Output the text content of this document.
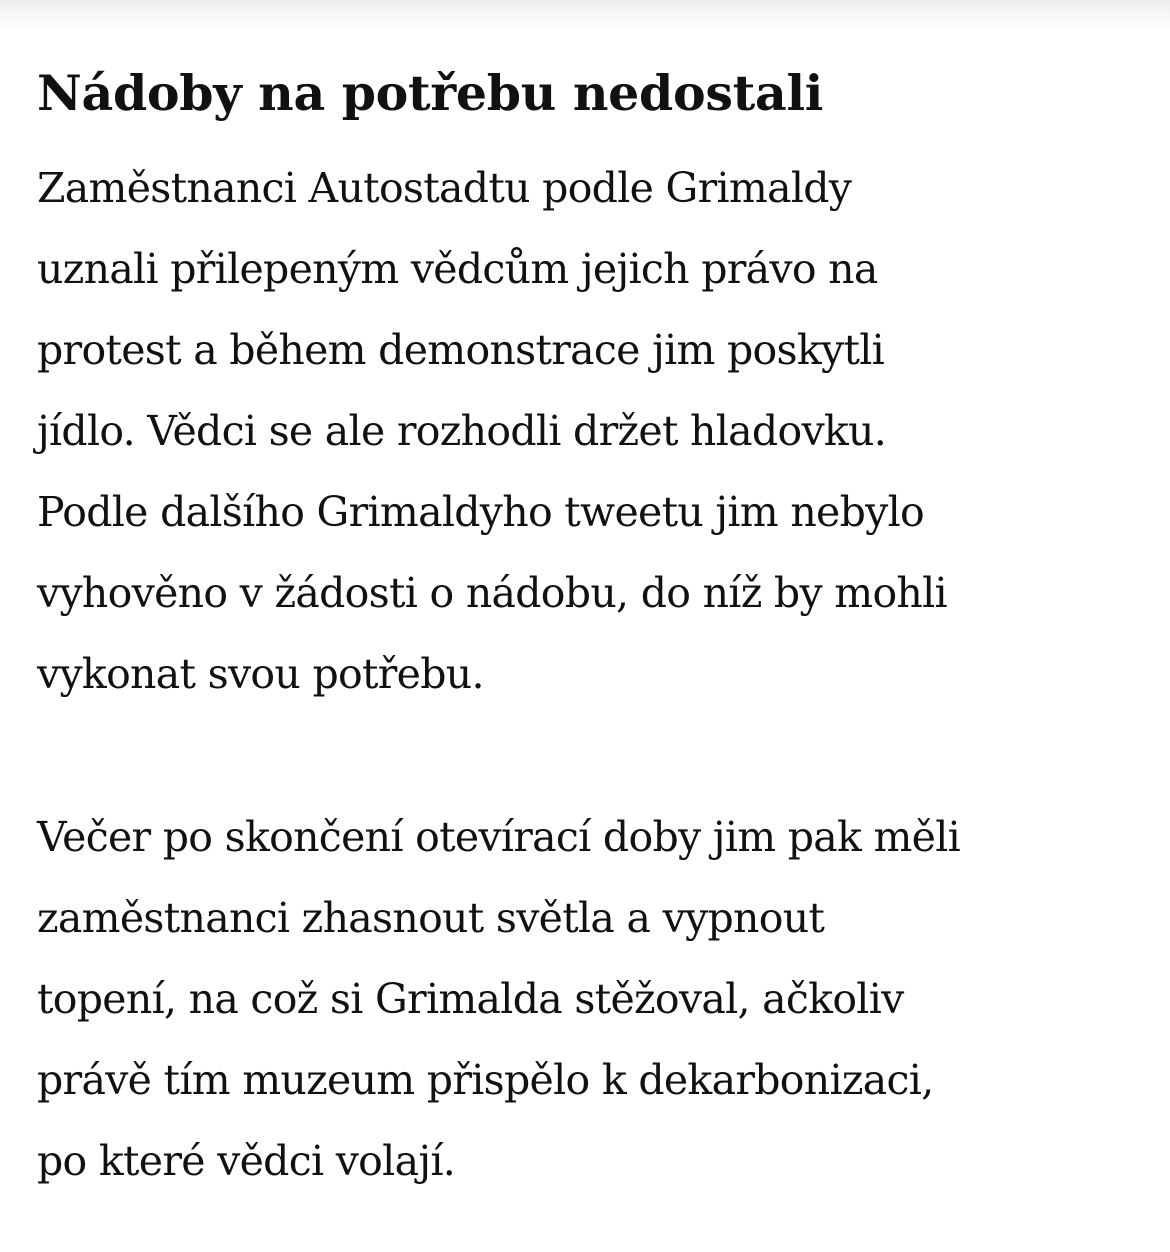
Nádoby na potřebu nedostali

Zaměstnanci Autostadtu podle Grimaldy
uznali přilepeným vědcům jejich právo na
protest a během demonstrace jim poskytli
jídlo. Vědci se ale rozhodli držet hladovku.
Podle dalšího Grimaldyho tweetu jim nebylo
vyhověno v žádosti o nádobu, do níž by mohli
vykonat svou potřebu.

Večer po skončení otevírací doby jim pak měli
zaměstnanci zhasnout světla a vypnout
topení, na což si Grimalda stěžoval, ačkoliv
právě tím muzeum přispělo k dekarbonizaci,
po které vědci volají.
